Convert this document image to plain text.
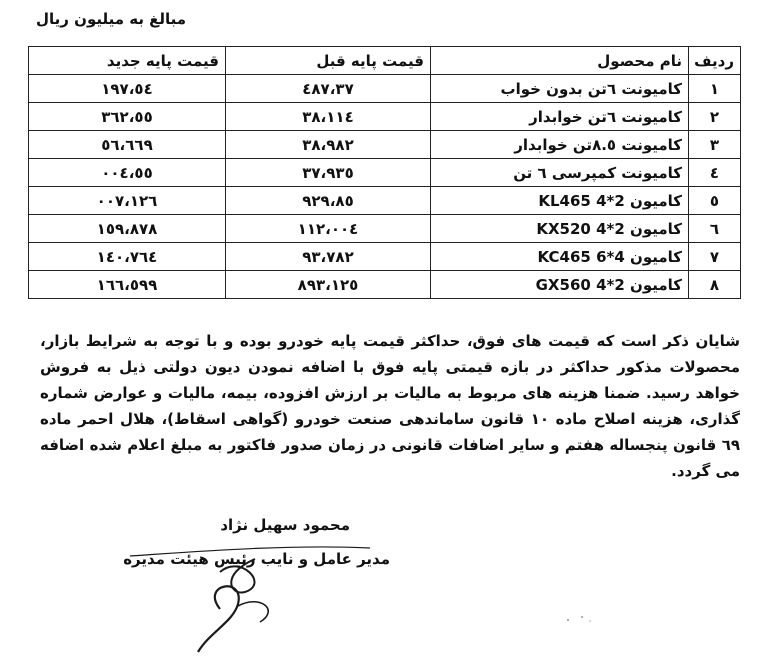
مبالغ به میلیون ریال
ردیف	نام محصول	قیمت پایه قبل	قیمت پایه جدید
۱	کامیونت ٦تن بدون خواب	۳۷،٤۸۷	٥٤،۱۹۷
۲	کامیونت ٦تن خوابدار	۳۸،۱۱٤	٥٥،۳٦۲
۳	کامیونت ۸.٥تن خوابدار	۳۸،۹۸۲	٥٦،٦٦۹
٤	کامیونت کمپرسی ٦ تن	۳۷،۹۳٥	٥٥،۰۰٤
٥	کامیون 2*4 KL465	۸٥،۹۲۹	۱۲٦،۰۰۷
٦	کامیون 2*4 KX520	۱۱۲،۰۰٤	۱٥۹،۸۷۸
۷	کامیون 4*6 KC465	۹۳،۷۸۲	۱٤۰،۷٦٤
۸	کامیون 2*4 GX560	۱۲٥،۸۹۳	۱٦٦،٥۹۹
شایان ذکر است که قیمت های فوق، حداکثر قیمت پایه خودرو بوده و با توجه به شرایط بازار، محصولات مذکور حداکثر در بازه قیمتی پایه فوق با اضافه نمودن دیون دولتی ذیل به فروش خواهد رسید. ضمنا هزینه های مربوط به مالیات بر ارزش افزوده، بیمه، مالیات و عوارض شماره گذاری، هزینه اصلاح ماده ۱۰ قانون ساماندهی صنعت خودرو (گواهی اسقاط)، هلال احمر ماده ٦۹ قانون پنجساله هفتم و سایر اضافات قانونی در زمان صدور فاکتور به مبلغ اعلام شده اضافه می گردد.
محمود سهیل نژاد
مدیر عامل و نایب رئیس هیئت مدیره
